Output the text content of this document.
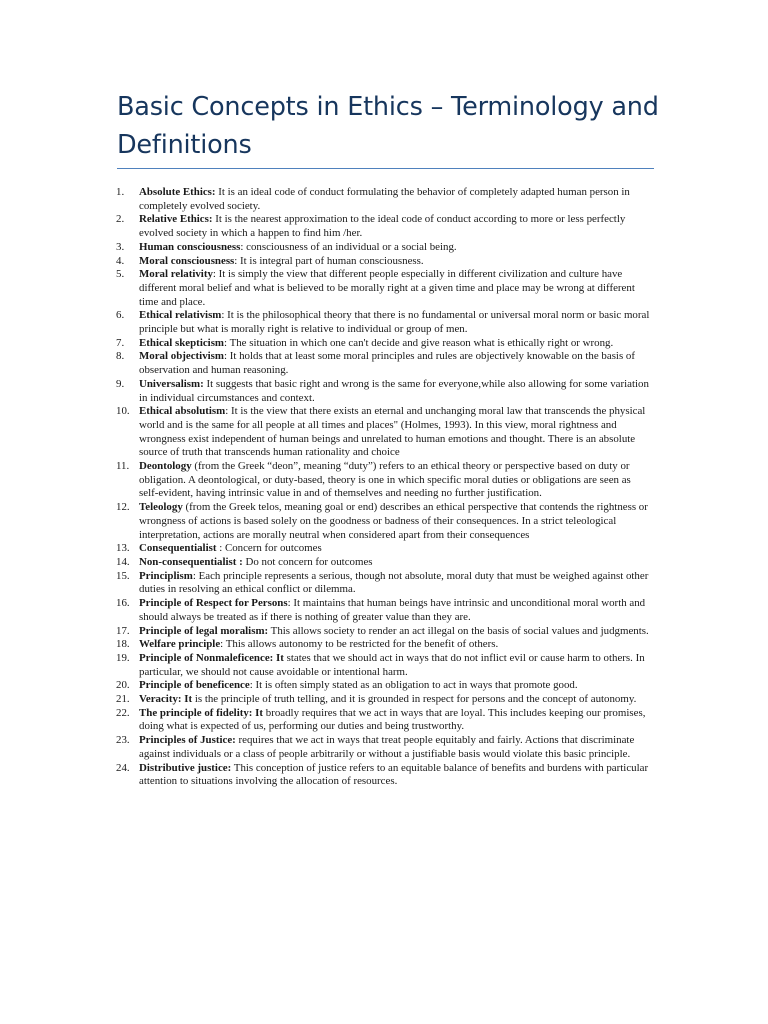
Basic Concepts in Ethics – Terminology and Definitions
1.	Absolute Ethics: It is an ideal code of conduct formulating the behavior of completely adapted human person in completely evolved society.
2.	Relative Ethics: It is the nearest approximation to the ideal code of conduct according to more or less perfectly evolved society in which a happen to find him /her.
3.	Human consciousness: consciousness of an individual or a social being.
4.	Moral consciousness: It is integral part of human consciousness.
5.	Moral relativity: It is simply the view that different people especially in different civilization and culture have different moral belief and what is believed to be morally right at a given time and place may be wrong at different time and place.
6.	Ethical relativism: It is the philosophical theory that there is no fundamental or universal moral norm or basic moral principle but what is morally right is relative to individual or group of men.
7.	Ethical skepticism: The situation in which one can't decide and give reason what is ethically right or wrong.
8.	Moral objectivism: It holds that at least some moral principles and rules are objectively knowable on the basis of observation and human reasoning.
9.	Universalism: It suggests that basic right and wrong is the same for everyone,while also allowing for some variation in individual circumstances and context.
10. Ethical absolutism: It is the view that there exists an eternal and unchanging moral law that transcends the physical world and is the same for all people at all times and places" (Holmes, 1993). In this view, moral rightness and wrongness exist independent of human beings and unrelated to human emotions and thought. There is an absolute source of truth that transcends human rationality and choice
11. Deontology (from the Greek “deon”, meaning “duty”) refers to an ethical theory or perspective based on duty or obligation. A deontological, or duty-based, theory is one in which specific moral duties or obligations are seen as self-evident, having intrinsic value in and of themselves and needing no further justification.
12. Teleology (from the Greek telos, meaning goal or end) describes an ethical perspective that contends the rightness or wrongness of actions is based solely on the goodness or badness of their consequences. In a strict teleological interpretation, actions are morally neutral when considered apart from their consequences
13. Consequentialist : Concern for outcomes
14. Non-consequentialist : Do not concern for outcomes
15. Principlism: Each principle represents a serious, though not absolute, moral duty that must be weighed against other duties in resolving an ethical conflict or dilemma.
16. Principle of Respect for Persons: It maintains that human beings have intrinsic and unconditional moral worth and should always be treated as if there is nothing of greater value than they are.
17. Principle of legal moralism: This allows society to render an act illegal on the basis of social values and judgments.
18. Welfare principle: This allows autonomy to be restricted for the benefit of others.
19. Principle of Nonmaleficence: It states that we should act in ways that do not inflict evil or cause harm to others. In particular, we should not cause avoidable or intentional harm.
20. Principle of beneficence: It is often simply stated as an obligation to act in ways that promote good.
21. Veracity: It is the principle of truth telling, and it is grounded in respect for persons and the concept of autonomy.
22. The principle of fidelity: It broadly requires that we act in ways that are loyal. This includes keeping our promises, doing what is expected of us, performing our duties and being trustworthy.
23. Principles of Justice: requires that we act in ways that treat people equitably and fairly. Actions that discriminate against individuals or a class of people arbitrarily or without a justifiable basis would violate this basic principle.
24. Distributive justice: This conception of justice refers to an equitable balance of benefits and burdens with particular attention to situations involving the allocation of resources.
